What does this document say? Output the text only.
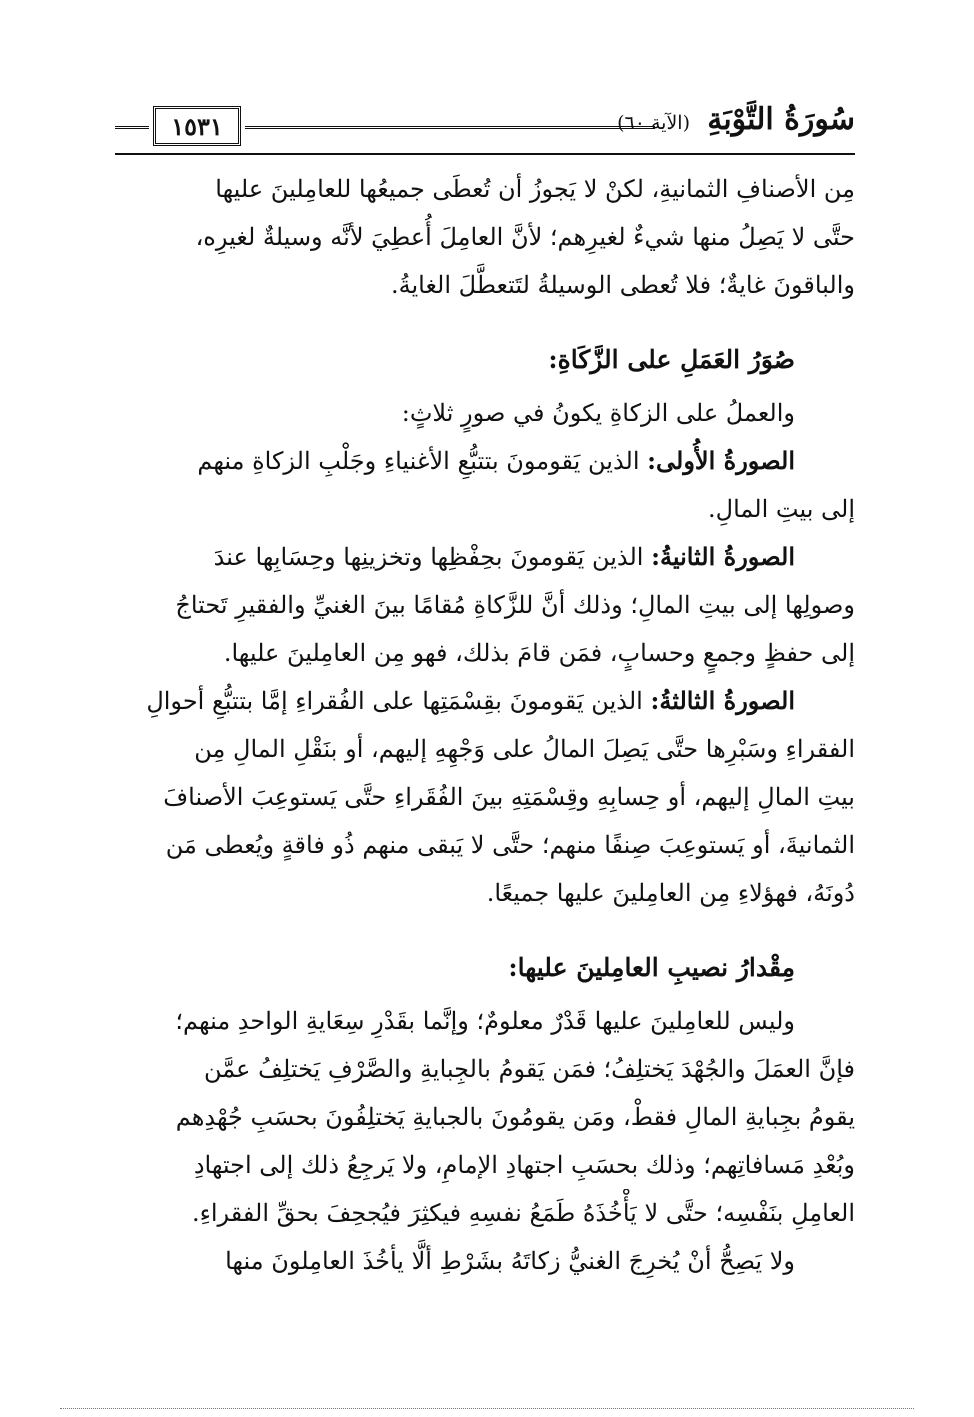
سُورَةُ التَّوْبَةِ
(الآية ٦٠)
١٥٣١
مِن الأصنافِ الثمانيةِ، لكنْ لا يَجوزُ أن تُعطَى جميعُها للعامِلينَ عليها
حتَّى لا يَصِلُ منها شيءٌ لغيرِهم؛ لأنَّ العامِلَ أُعطِيَ لأنَّه وسيلةٌ لغيرِه،
والباقونَ غايةٌ؛ فلا تُعطى الوسيلةُ لتَتعطَّلَ الغايةُ.
صُوَرُ العَمَلِ على الزَّكَاةِ:
والعملُ على الزكاةِ يكونُ في صورٍ ثلاثٍ:
الصورةُ الأُولى: الذين يَقومونَ بتتبُّعِ الأغنياءِ وجَلْبِ الزكاةِ منهم
إلى بيتِ المالِ.
الصورةُ الثانيةُ: الذين يَقومونَ بحِفْظِها وتخزينِها وحِسَابِها عندَ
وصولِها إلى بيتِ المالِ؛ وذلك أنَّ للزَّكاةِ مُقامًا بينَ الغنيِّ والفقيرِ تَحتاجُ
إلى حفظٍ وجمعٍ وحسابٍ، فمَن قامَ بذلك، فهو مِن العامِلينَ عليها.
الصورةُ الثالثةُ: الذين يَقومونَ بقِسْمَتِها على الفُقراءِ إمَّا بتتبُّعِ أحوالِ
الفقراءِ وسَبْرِها حتَّى يَصِلَ المالُ على وَجْهِهِ إليهم، أو بنَقْلِ المالِ مِن
بيتِ المالِ إليهم، أو حِسابِهِ وقِسْمَتِهِ بينَ الفُقَراءِ حتَّى يَستوعِبَ الأصنافَ
الثمانيةَ، أو يَستوعِبَ صِنفًا منهم؛ حتَّى لا يَبقى منهم ذُو فاقةٍ ويُعطى مَن
دُونَهُ، فهؤلاءِ مِن العامِلينَ عليها جميعًا.
مِقْدارُ نصيبِ العامِلينَ عليها:
وليس للعامِلينَ عليها قَدْرٌ معلومٌ؛ وإنَّما بقَدْرِ سِعَايةِ الواحدِ منهم؛
فإنَّ العمَلَ والجُهْدَ يَختلِفُ؛ فمَن يَقومُ بالجِبايةِ والصَّرْفِ يَختلِفُ عمَّن
يقومُ بجِبايةِ المالِ فقطْ، ومَن يقومُونَ بالجبايةِ يَختلِفُونَ بحسَبِ جُهْدِهم
وبُعْدِ مَسافاتِهم؛ وذلك بحسَبِ اجتهادِ الإمامِ، ولا يَرجِعُ ذلك إلى اجتهادِ
العامِلِ بنَفْسِه؛ حتَّى لا يَأْخُذَهُ طَمَعُ نفسِهِ فيكثِرَ فيُجحِفَ بحقِّ الفقراءِ.
ولا يَصِحُّ أنْ يُخرِجَ الغنيُّ زكاتَهُ بشَرْطِ ألَّا يأخُذَ العامِلونَ منها
